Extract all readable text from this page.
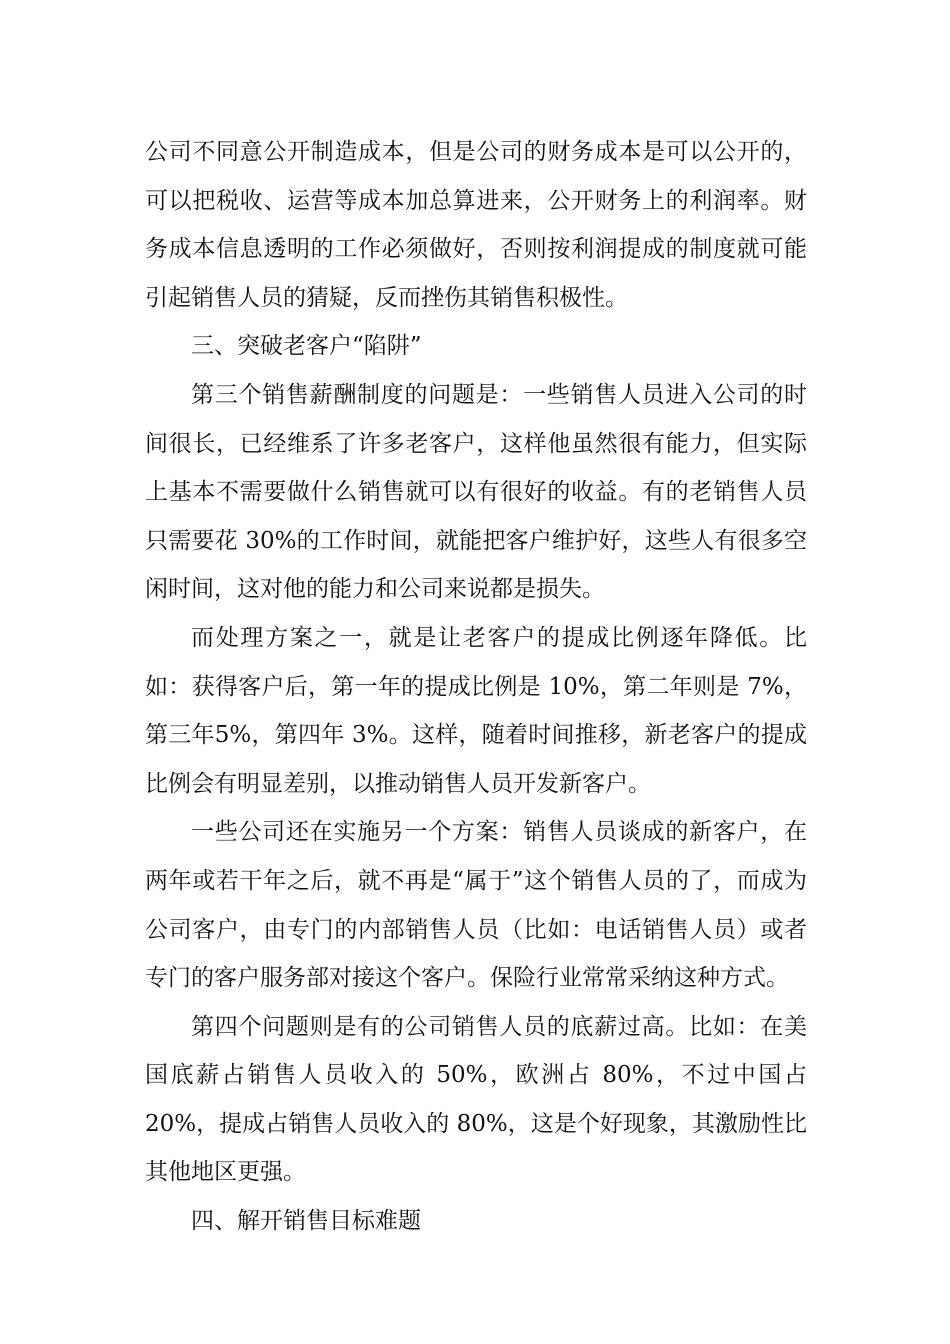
公司不同意公开制造成本，但是公司的财务成本是可以公开的，可以把税收、运营等成本加总算进来，公开财务上的利润率。财务成本信息透明的工作必须做好，否则按利润提成的制度就可能引起销售人员的猜疑，反而挫伤其销售积极性。

三、突破老客户“陷阱”

第三个销售薪酬制度的问题是：一些销售人员进入公司的时间很长，已经维系了许多老客户，这样他虽然很有能力，但实际上基本不需要做什么销售就可以有很好的收益。有的老销售人员只需要花 30%的工作时间，就能把客户维护好，这些人有很多空闲时间，这对他的能力和公司来说都是损失。

而处理方案之一，就是让老客户的提成比例逐年降低。比如：获得客户后，第一年的提成比例是 10%，第二年则是 7%，第三年5%，第四年 3%。这样，随着时间推移，新老客户的提成比例会有明显差别，以推动销售人员开发新客户。

一些公司还在实施另一个方案：销售人员谈成的新客户，在两年或若干年之后，就不再是“属于”这个销售人员的了，而成为公司客户，由专门的内部销售人员（比如：电话销售人员）或者专门的客户服务部对接这个客户。保险行业常常采纳这种方式。

第四个问题则是有的公司销售人员的底薪过高。比如：在美国底薪占销售人员收入的 50%，欧洲占 80%，不过中国占 20%，提成占销售人员收入的 80%，这是个好现象，其激励性比其他地区更强。

四、解开销售目标难题
